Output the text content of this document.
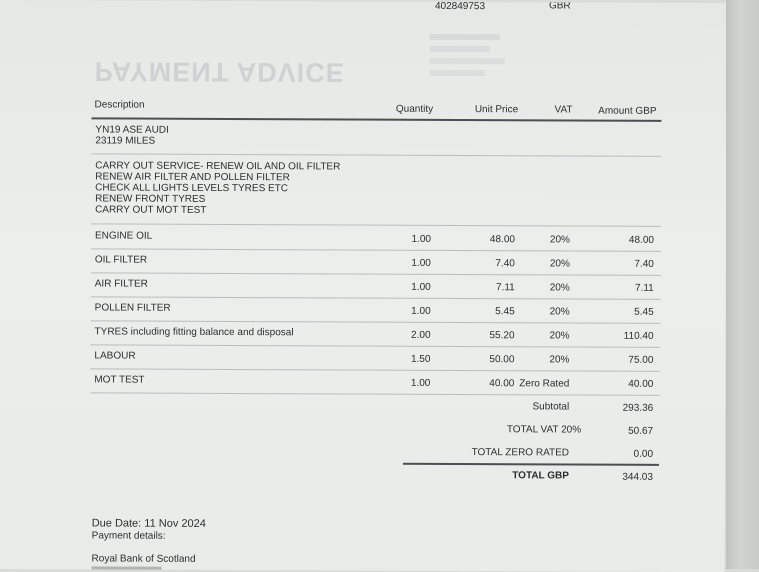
402849753	GBR
PAYMENT ADVICE
Description	Quantity	Unit Price	VAT	Amount GBP
YN19 ASE AUDI
23119 MILES
CARRY OUT SERVICE- RENEW OIL AND OIL FILTER
RENEW AIR FILTER AND POLLEN FILTER
CHECK ALL LIGHTS LEVELS TYRES ETC
RENEW FRONT TYRES
CARRY OUT MOT TEST
ENGINE OIL	1.00	48.00	20%	48.00
OIL FILTER	1.00	7.40	20%	7.40
AIR FILTER	1.00	7.11	20%	7.11
POLLEN FILTER	1.00	5.45	20%	5.45
TYRES including fitting balance and disposal	2.00	55.20	20%	110.40
LABOUR	1.50	50.00	20%	75.00
MOT TEST	1.00	40.00 Zero Rated	40.00
Subtotal	293.36
TOTAL VAT 20%	50.67
TOTAL ZERO RATED	0.00
TOTAL GBP	344.03
Due Date: 11 Nov 2024
Payment details:
Royal Bank of Scotland
